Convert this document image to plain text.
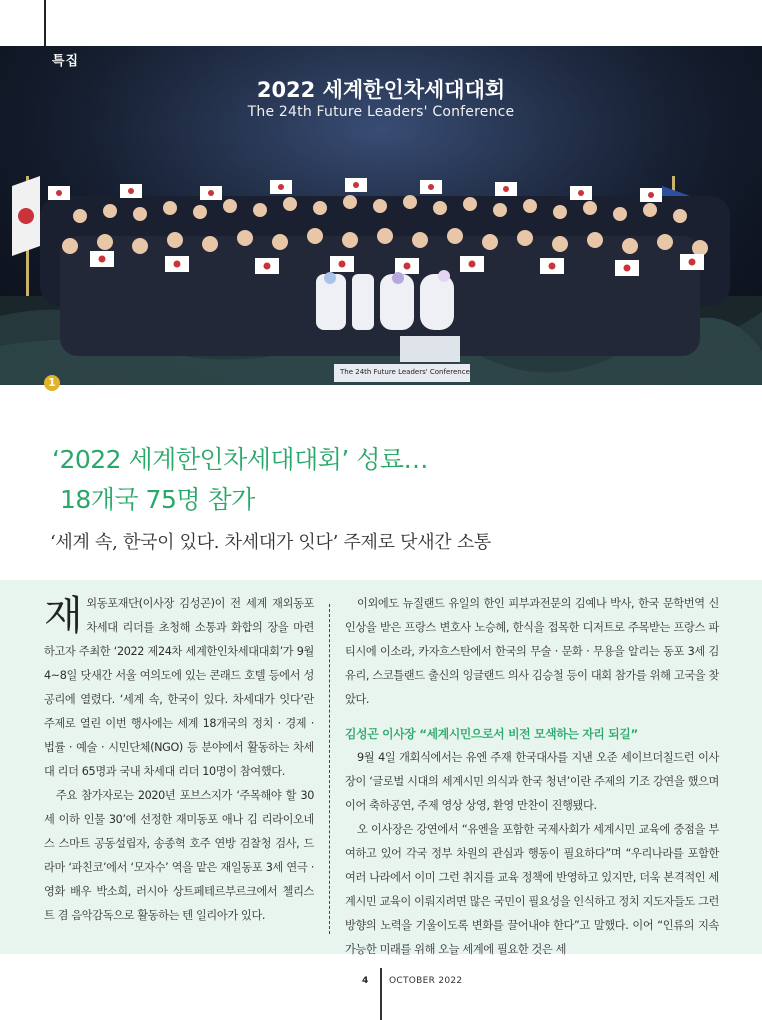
특집
2022 세계한인차세대대회
The 24th Future Leaders' Conference
The 24th Future Leaders' Conference
1
‘2022 세계한인차세대대회’ 성료…
18개국 75명 참가
‘세계 속, 한국이 있다. 차세대가 잇다’ 주제로 닷새간 소통

재외동포재단(이사장 김성곤)이 전 세계 재외동포 차세대 리더를 초청해 소통과 화합의 장을 마련하고자 주최한 ‘2022 제24차 세계한인차세대대회’가 9월 4~8일 닷새간 서울 여의도에 있는 콘래드 호텔 등에서 성공리에 열렸다. ‘세계 속, 한국이 있다. 차세대가 잇다’란 주제로 열린 이번 행사에는 세계 18개국의 정치 · 경제 · 법률 · 예술 · 시민단체(NGO) 등 분야에서 활동하는 차세대 리더 65명과 국내 차세대 리더 10명이 참여했다.

주요 참가자로는 2020년 포브스지가 ‘주목해야 할 30세 이하 인물 30’에 선정한 재미동포 애나 김 리라이오네스 스마트 공동설립자, 송종혁 호주 연방 검찰청 검사, 드라마 ‘파친코’에서 ‘모자수’ 역을 맡은 재일동포 3세 연극 · 영화 배우 박소희, 러시아 상트페테르부르크에서 첼리스트 겸 음악감독으로 활동하는 텐 일리아가 있다.

이외에도 뉴질랜드 유일의 한인 피부과전문의 김예나 박사, 한국 문학번역 신인상을 받은 프랑스 변호사 노승혜, 한식을 접목한 디저트로 주목받는 프랑스 파티시에 이소라, 카자흐스탄에서 한국의 무술 · 문화 · 무용을 알리는 동포 3세 김유리, 스코틀랜드 출신의 잉글랜드 의사 김승철 등이 대회 참가를 위해 고국을 찾았다.

김성곤 이사장 “세계시민으로서 비전 모색하는 자리 되길”

9월 4일 개회식에서는 유엔 주재 한국대사를 지낸 오준 세이브더칠드런 이사장이 ‘글로벌 시대의 세계시민 의식과 한국 청년’이란 주제의 기조 강연을 했으며 이어 축하공연, 주제 영상 상영, 환영 만찬이 진행됐다.

오 이사장은 강연에서 “유엔을 포함한 국제사회가 세계시민 교육에 중점을 부여하고 있어 각국 정부 차원의 관심과 행동이 필요하다”며 “우리나라를 포함한 여러 나라에서 이미 그런 취지를 교육 정책에 반영하고 있지만, 더욱 본격적인 세계시민 교육이 이뤄지려면 많은 국민이 필요성을 인식하고 정치 지도자들도 그런 방향의 노력을 기울이도록 변화를 끌어내야 한다”고 말했다. 이어 “인류의 지속가능한 미래를 위해 오늘 세계에 필요한 것은 세

4 OCTOBER 2022
